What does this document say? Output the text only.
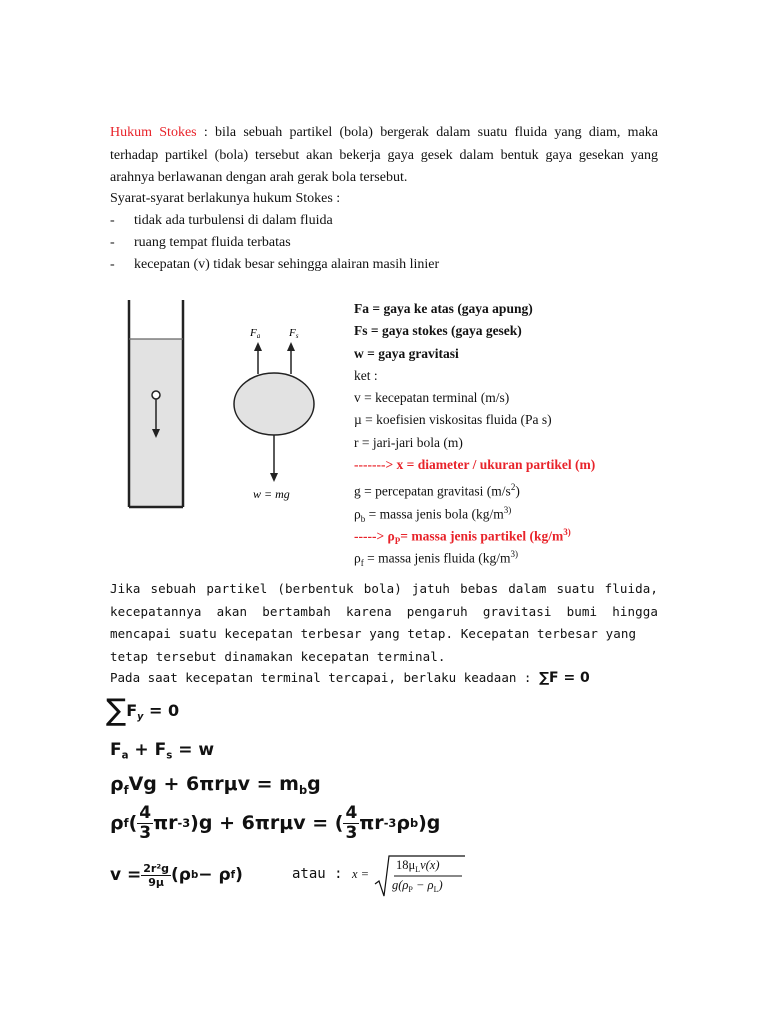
Hukum Stokes : bila sebuah partikel (bola) bergerak dalam suatu fluida yang diam, maka terhadap partikel (bola) tersebut akan bekerja gaya gesek dalam bentuk gaya gesekan yang arahnya berlawanan dengan arah gerak bola tersebut.
Syarat-syarat berlakunya hukum Stokes :
- tidak ada turbulensi di dalam fluida
- ruang tempat fluida terbatas
- kecepatan (v) tidak besar sehingga alairan masih linier
Fa	Fs
w = mg
Fa = gaya ke atas (gaya apung)
Fs = gaya stokes (gaya gesek)
w = gaya gravitasi
ket :
v = kecepatan terminal (m/s)
µ = koefisien viskositas fluida (Pa s)
r = jari-jari bola (m)
-------> x = diameter / ukuran partikel (m)
g = percepatan gravitasi $(m/s^2)$
$\rho_b$ = massa jenis bola ($kg/m^{3)}$
-----> $\rho_P=$ massa jenis partikel ($kg/m^{3)}$
$\rho_f$ = massa jenis fluida ($kg/m^{3)}$
Jika sebuah partikel (berbentuk bola) jatuh bebas dalam suatu fluida, kecepatannya akan bertambah karena pengaruh gravitasi bumi hingga mencapai suatu kecepatan terbesar yang tetap. Kecepatan terbesar yang
tetap tersebut dinamakan kecepatan terminal.
Pada saat kecepatan terminal tercapai, berlaku keadaan : ∑F = 0
$\sum F_y = 0$
$F_a + F_s = w$
$\rho_fVg + 6\pi r\mu v = m_bg$
ρ f ( $\frac{4}{3}$ πr -3 )g + 6πrμv = ( $\frac{4}{3}$ πr -3 ρ b )g
$v = \frac{\text{2r²g}}{9\mu} (\rho$ b − ρ f )	atau : x =
$18\mu_Lv(x)$
$g(\rho_P - \rho_L)$
